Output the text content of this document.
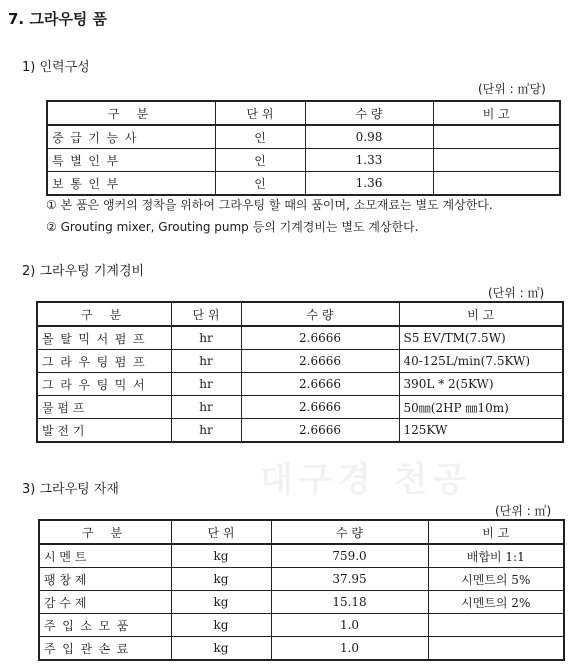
7. 그라우팅 품
1) 인력구성
(단위 : ㎥당)
구 분	단 위	수 량	비 고
중급기능사	인	0.98	
특별인부	인	1.33	
보통인부	인	1.36	
① 본 품은 앵커의 정착을 위하여 그라우팅 할 때의 품이며, 소모재료는 별도 계상한다.
② Grouting mixer, Grouting pump 등의 기계경비는 별도 계상한다.
2) 그라우팅 기계경비
(단위 : ㎥)
구 분	단 위	수 량	비 고
몰탈믹서펌프	hr	2.6666	S5 EV/TM(7.5W)
그라우팅펌프	hr	2.6666	40-125L/min(7.5KW)
그라우팅믹서	hr	2.6666	390L * 2(5KW)
물 펌 프	hr	2.6666	50㎜(2HP ㎜10m)
발 전 기	hr	2.6666	125KW
대구경 천공
3) 그라우팅 자재
(단위 : ㎥)
구 분	단 위	수 량	비 고
시 멘 트	kg	759.0	배합비 1:1
팽 창 제	kg	37.95	시멘트의 5%
감 수 제	kg	15.18	시멘트의 2%
주입소모품	kg	1.0	
주입관손료	kg	1.0	
